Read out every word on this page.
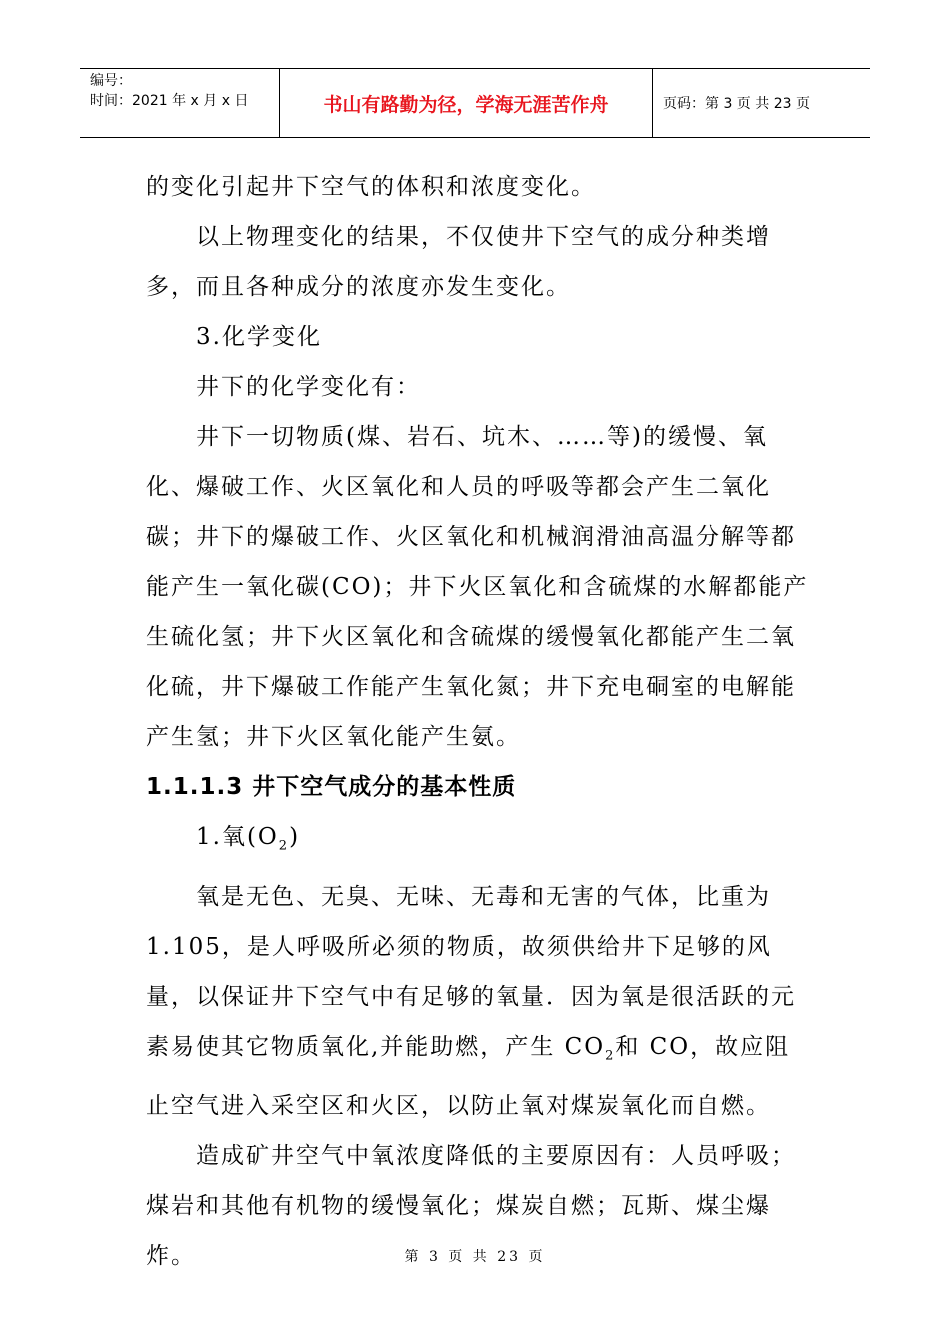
编号：
时间：2021 年 x 月 x 日	书山有路勤为径，学海无涯苦作舟	页码：第 3 页 共 23 页

的变化引起井下空气的体积和浓度变化。

以上物理变化的结果，不仅使井下空气的成分种类增多，而且各种成分的浓度亦发生变化。

3.化学变化

井下的化学变化有：

井下一切物质(煤、岩石、坑木、……等)的缓慢、氧化、爆破工作、火区氧化和人员的呼吸等都会产生二氧化碳；井下的爆破工作、火区氧化和机械润滑油高温分解等都能产生一氧化碳(CO)；井下火区氧化和含硫煤的水解都能产生硫化氢；井下火区氧化和含硫煤的缓慢氧化都能产生二氧化硫，井下爆破工作能产生氧化氮；井下充电硐室的电解能产生氢；井下火区氧化能产生氨。

1.1.1.3 井下空气成分的基本性质

1.氧$(O_2)$

氧是无色、无臭、无味、无毒和无害的气体，比重为1.105，是人呼吸所必须的物质，故须供给井下足够的风量，以保证井下空气中有足够的氧量．因为氧是很活跃的元素易使其它物质氧化,并能助燃，产生 $CO_2$和 CO，故应阻止空气进入采空区和火区，以防止氧对煤炭氧化而自燃。

造成矿井空气中氧浓度降低的主要原因有：人员呼吸；煤岩和其他有机物的缓慢氧化；煤炭自燃；瓦斯、煤尘爆炸。	第 3 页 共 23 页
